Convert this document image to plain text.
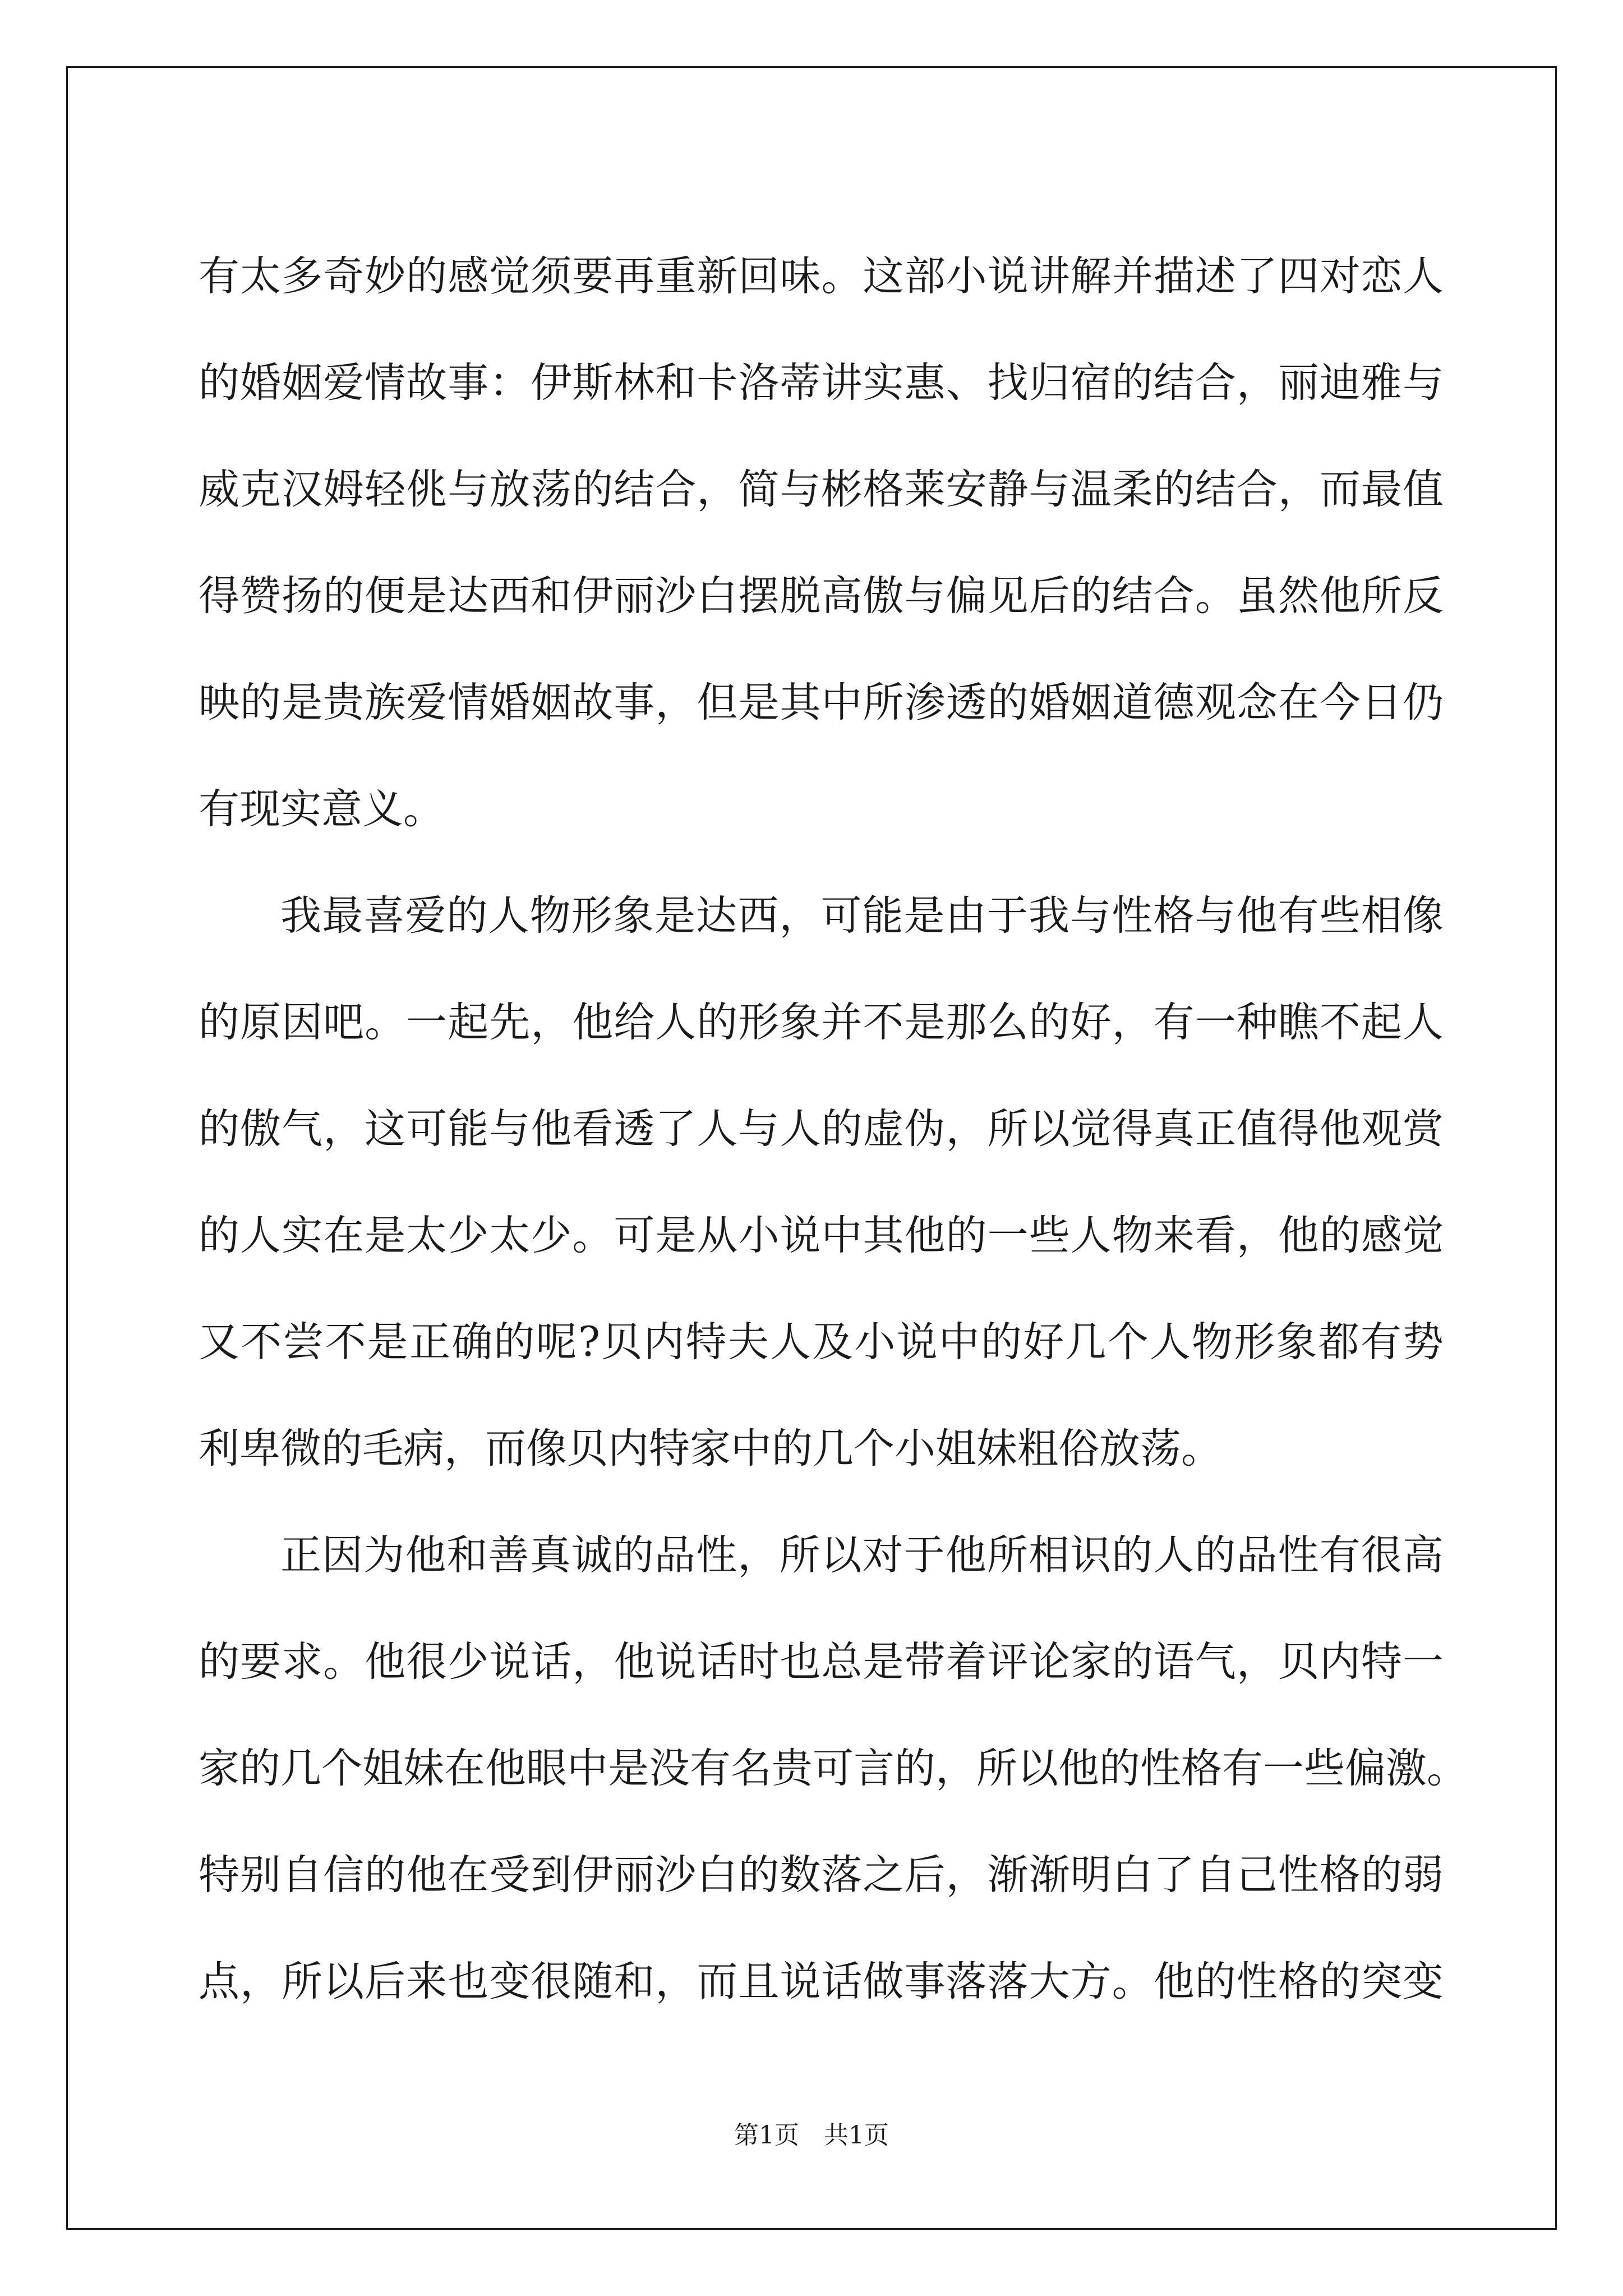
有太多奇妙的感觉须要再重新回味。这部小说讲解并描述了四对恋人
的婚姻爱情故事：伊斯林和卡洛蒂讲实惠、找归宿的结合，丽迪雅与
威克汉姆轻佻与放荡的结合，简与彬格莱安静与温柔的结合，而最值
得赞扬的便是达西和伊丽沙白摆脱高傲与偏见后的结合。虽然他所反
映的是贵族爱情婚姻故事，但是其中所渗透的婚姻道德观念在今日仍
有现实意义。
我最喜爱的人物形象是达西，可能是由于我与性格与他有些相像
的原因吧。一起先，他给人的形象并不是那么的好，有一种瞧不起人
的傲气，这可能与他看透了人与人的虚伪，所以觉得真正值得他观赏
的人实在是太少太少。可是从小说中其他的一些人物来看，他的感觉
又不尝不是正确的呢?贝内特夫人及小说中的好几个人物形象都有势
利卑微的毛病，而像贝内特家中的几个小姐妹粗俗放荡。
正因为他和善真诚的品性，所以对于他所相识的人的品性有很高
的要求。他很少说话，他说话时也总是带着评论家的语气，贝内特一
家的几个姐妹在他眼中是没有名贵可言的，所以他的性格有一些偏激。
特别自信的他在受到伊丽沙白的数落之后，渐渐明白了自己性格的弱
点，所以后来也变很随和，而且说话做事落落大方。他的性格的突变
第1页　共1页
